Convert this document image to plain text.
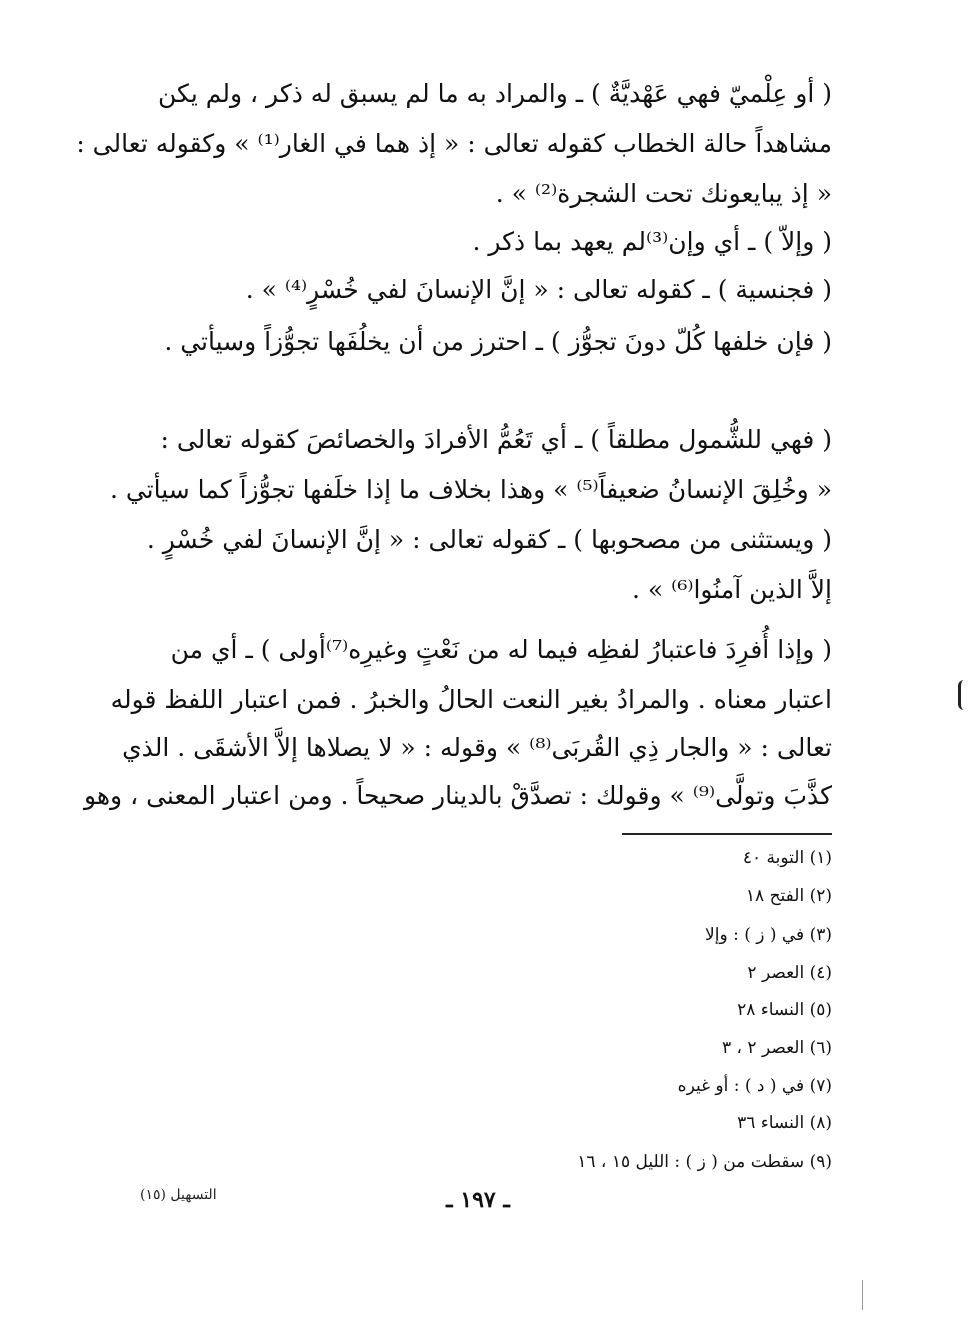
( أو عِلْميّ فهي عَهْديَّةٌ ) ـ والمراد به ما لم يسبق له ذكر ، ولم يكن
مشاهداً حالة الخطاب كقوله تعالى : « إذ هما في الغار⁽¹⁾ » وكقوله تعالى :
« إذ يبايعونك تحت الشجرة⁽²⁾ » .
( وإلاّ ) ـ أي وإن⁽³⁾لم يعهد بما ذكر .
( فجنسية ) ـ كقوله تعالى : « إنَّ الإنسانَ لفي خُسْرٍ⁽⁴⁾ » .
( فإن خلفها كُلّ دونَ تجوُّز ) ـ احترز من أن يخلُفَها تجوُّزاً وسيأتي .
( فهي للشُّمول مطلقاً ) ـ أي تَعُمُّ الأفرادَ والخصائصَ كقوله تعالى :
« وخُلِقَ الإنسانُ ضعيفاً⁽⁵⁾ » وهذا بخلاف ما إذا خلَفها تجوُّزاً كما سيأتي .
( ويستثنى من مصحوبها ) ـ كقوله تعالى : « إنَّ الإنسانَ لفي خُسْرٍ .
إلاَّ الذين آمنُوا⁽⁶⁾ » .
( وإذا أُفرِدَ فاعتبارُ لفظِه فيما له من نَعْتٍ وغيرِه⁽⁷⁾أولى ) ـ أي من
اعتبار معناه . والمرادُ بغير النعت الحالُ والخبرُ . فمن اعتبار اللفظ قوله
تعالى : « والجار ذِي القُربَى⁽⁸⁾ » وقوله : « لا يصلاها إلاَّ الأشقَى . الذي
كذَّبَ وتولَّى⁽⁹⁾ » وقولك : تصدَّقْ بالدينار صحيحاً . ومن اعتبار المعنى ، وهو
(١) التوبة ٤٠
(٢) الفتح ١٨
(٣) في ( ز ) : وإلا
(٤) العصر ٢
(٥) النساء ٢٨
(٦) العصر ٢ ، ٣
(٧) في ( د ) : أو غيره
(٨) النساء ٣٦
(٩) سقطت من ( ز ) : الليل ١٥ ، ١٦
التسهيل (١٥)	ـ ١٩٧ ـ
